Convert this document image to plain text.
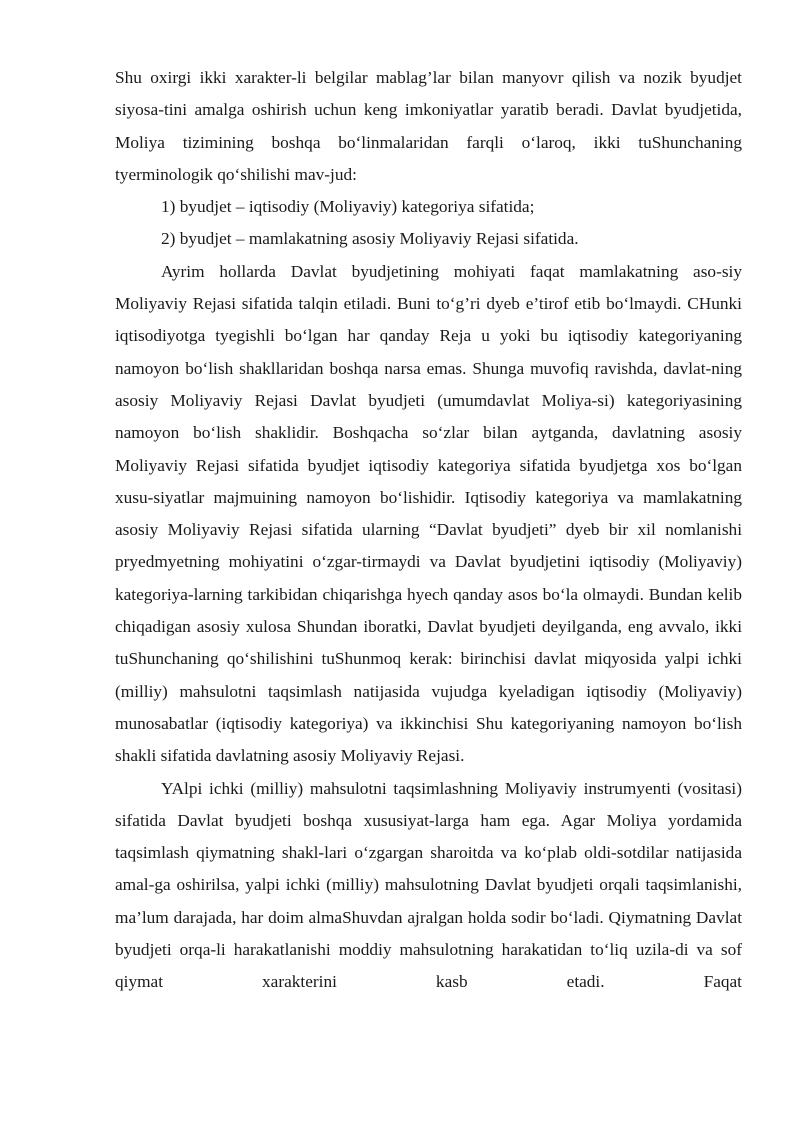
Shu oxirgi ikki xarakter-li belgilar mablag’lar bilan manyovr qilish va nozik byudjet siyosa-tini amalga oshirish uchun keng imkoniyatlar yaratib beradi. Davlat byudjetida, Moliya tizimining boshqa bo‘linmalaridan farqli o‘laroq, ikki tuShunchaning tyerminologik qo‘shilishi mav-jud:

1) byudjet – iqtisodiy (Moliyaviy) kategoriya sifatida;

2) byudjet – mamlakatning asosiy Moliyaviy Rejasi sifatida.

Ayrim hollarda Davlat byudjetining mohiyati faqat mamlakatning aso-siy Moliyaviy Rejasi sifatida talqin etiladi. Buni to‘g’ri dyeb e’tirof etib bo‘lmaydi. CHunki iqtisodiyotga tyegishli bo‘lgan har qanday Reja u yoki bu iqtisodiy kategoriyaning namoyon bo‘lish shakllaridan boshqa narsa emas. Shunga muvofiq ravishda, davlat-ning asosiy Moliyaviy Rejasi Davlat byudjeti (umumdavlat Moliya-si) kategoriyasining namoyon bo‘lish shaklidir. Boshqacha so‘zlar bilan aytganda, davlatning asosiy Moliyaviy Rejasi sifatida byudjet iqtisodiy kategoriya sifatida byudjetga xos bo‘lgan xusu-siyatlar majmuining namoyon bo‘lishidir. Iqtisodiy kategoriya va mamlakatning asosiy Moliyaviy Rejasi sifatida ularning “Davlat byudjeti” dyeb bir xil nomlanishi pryedmyetning mohiyatini o‘zgar-tirmaydi va Davlat byudjetini iqtisodiy (Moliyaviy) kategoriya-larning tarkibidan chiqarishga hyech qanday asos bo‘la olmaydi. Bundan kelib chiqadigan asosiy xulosa Shundan iboratki, Davlat byudjeti deyilganda, eng avvalo, ikki tuShunchaning qo‘shilishini tuShunmoq kerak: birinchisi davlat miqyosida yalpi ichki (milliy) mahsulotni taqsimlash natijasida vujudga kyeladigan iqtisodiy (Moliyaviy) munosabatlar (iqtisodiy kategoriya) va ikkinchisi Shu kategoriyaning namoyon bo‘lish shakli sifatida davlatning asosiy Moliyaviy Rejasi.

YAlpi ichki (milliy) mahsulotni taqsimlashning Moliyaviy instrumyenti (vositasi) sifatida Davlat byudjeti boshqa xususiyat-larga ham ega. Agar Moliya yordamida taqsimlash qiymatning shakl-lari o‘zgargan sharoitda va ko‘plab oldi-sotdilar natijasida amal-ga oshirilsa, yalpi ichki (milliy) mahsulotning Davlat byudjeti orqali taqsimlanishi, ma’lum darajada, har doim almaShuvdan ajralgan holda sodir bo‘ladi. Qiymatning Davlat byudjeti orqa-li harakatlanishi moddiy mahsulotning harakatidan to‘liq uzila-di va sof qiymat xarakterini kasb etadi. Faqat
